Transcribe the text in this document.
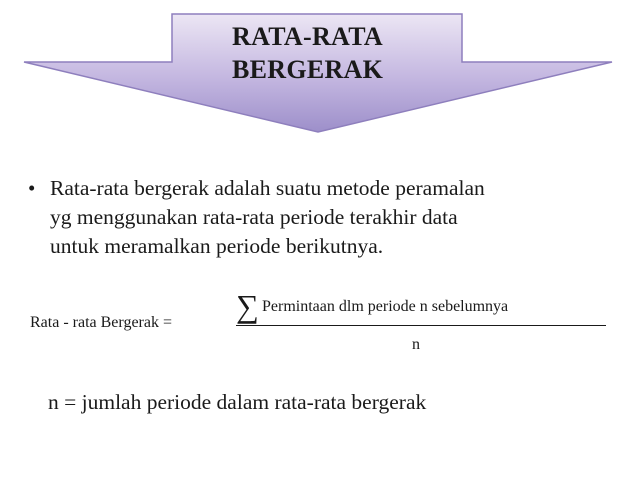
RATA-RATA
BERGERAK
• Rata-rata bergerak adalah suatu metode peramalan
yg menggunakan rata-rata periode terakhir data
untuk meramalkan periode berikutnya.
Rata - rata Bergerak = ∑ Permintaan dlm periode n sebelumnya
n
n = jumlah periode dalam rata-rata bergerak
